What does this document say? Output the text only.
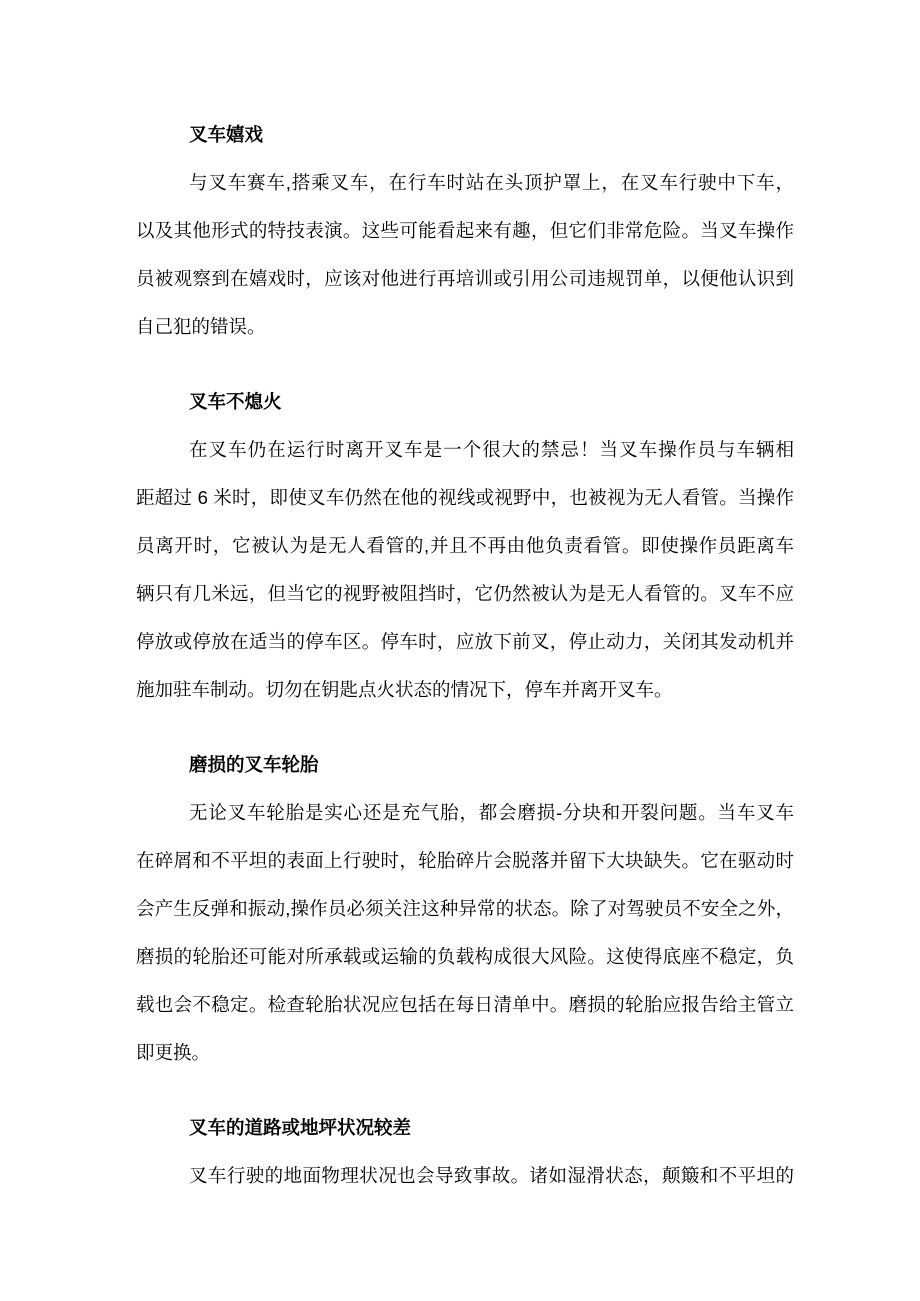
叉车嬉戏
与叉车赛车,搭乘叉车，在行车时站在头顶护罩上，在叉车行驶中下车，
以及其他形式的特技表演。这些可能看起来有趣，但它们非常危险。当叉车操作
员被观察到在嬉戏时，应该对他进行再培训或引用公司违规罚单，以便他认识到
自己犯的错误。
叉车不熄火
在叉车仍在运行时离开叉车是一个很大的禁忌！当叉车操作员与车辆相
距超过 6 米时，即使叉车仍然在他的视线或视野中，也被视为无人看管。当操作
员离开时，它被认为是无人看管的,并且不再由他负责看管。即使操作员距离车
辆只有几米远，但当它的视野被阻挡时，它仍然被认为是无人看管的。叉车不应
停放或停放在适当的停车区。停车时，应放下前叉，停止动力，关闭其发动机并
施加驻车制动。切勿在钥匙点火状态的情况下，停车并离开叉车。
磨损的叉车轮胎
无论叉车轮胎是实心还是充气胎，都会磨损-分块和开裂问题。当车叉车
在碎屑和不平坦的表面上行驶时，轮胎碎片会脱落并留下大块缺失。它在驱动时
会产生反弹和振动,操作员必须关注这种异常的状态。除了对驾驶员不安全之外，
磨损的轮胎还可能对所承载或运输的负载构成很大风险。这使得底座不稳定，负
载也会不稳定。检查轮胎状况应包括在每日清单中。磨损的轮胎应报告给主管立
即更换。
叉车的道路或地坪状况较差
叉车行驶的地面物理状况也会导致事故。诸如湿滑状态，颠簸和不平坦的
